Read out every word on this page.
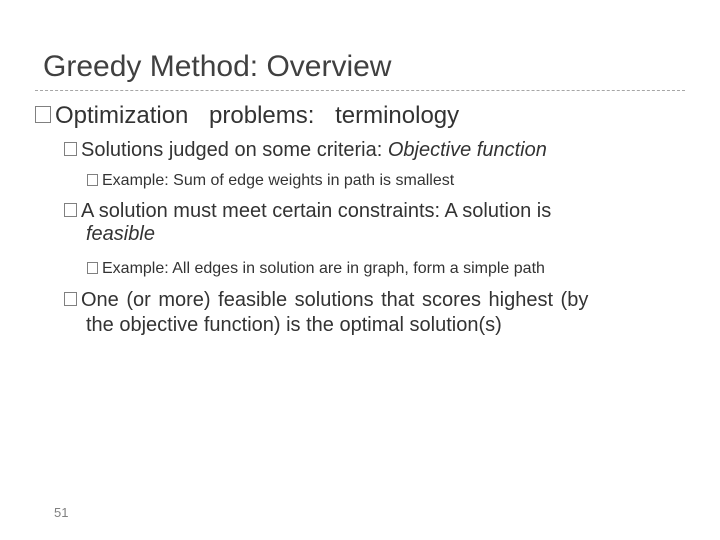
Greedy Method: Overview
Optimization problems: terminology
Solutions judged on some criteria: Objective function
Example: Sum of edge weights in path is smallest
A solution must meet certain constraints: A solution is
feasible
Example: All edges in solution are in graph, form a simple path
One (or more) feasible solutions that scores highest (by
the objective function) is the optimal solution(s)
51
